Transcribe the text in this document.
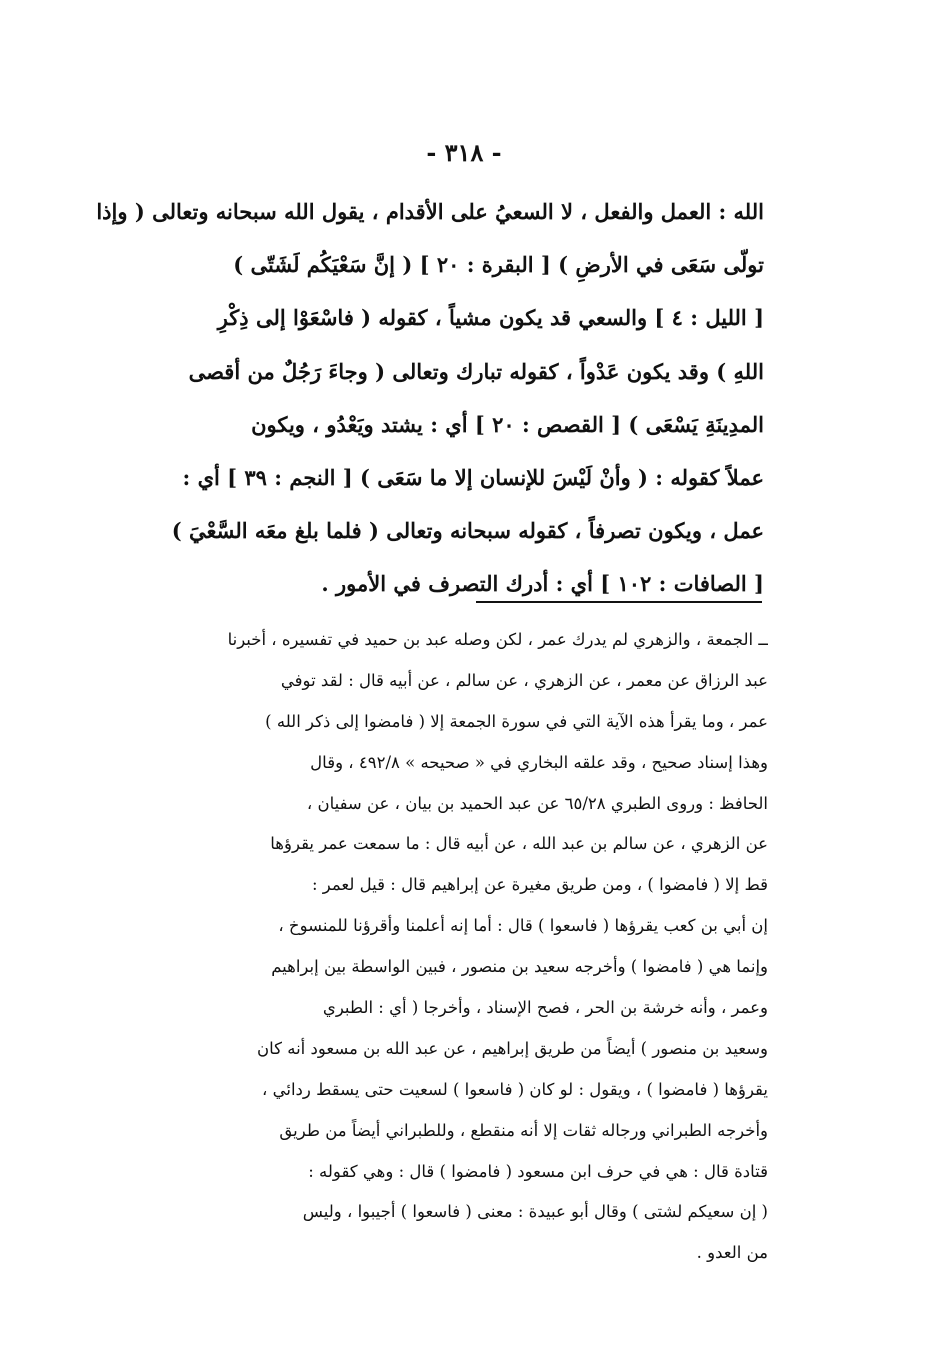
- ٣١٨ -
الله : العمل والفعل ، لا السعيُ على الأقدام ، يقول الله سبحانه وتعالى ( وإذا
تولّى سَعَى في الأرضِ ) [ البقرة : ٢٠ ] ( إنَّ سَعْيَكُم لَشَتّى )
[ الليل : ٤ ] والسعي قد يكون مشياً ، كقوله ( فاسْعَوْا إلى ذِكْرِ
اللهِ ) وقد يكون عَدْواً ، كقوله تبارك وتعالى ( وجاءَ رَجُلٌ من أقصى
المدِينَةِ يَسْعَى ) [ القصص : ٢٠ ] أي : يشتد ويَعْدُو ، ويكون
عملاً كقوله : ( وأنْ لَيْسَ للإنسان إلا ما سَعَى ) [ النجم : ٣٩ ] أي :
عمل ، ويكون تصرفاً ، كقوله سبحانه وتعالى ( فلما بلغ معَه السَّعْيَ )
[ الصافات : ١٠٢ ] أي : أدرك التصرف في الأمور .
ــ الجمعة ، والزهري لم يدرك عمر ، لكن وصله عبد بن حميد في تفسيره ، أخبرنا
عبد الرزاق عن معمر ، عن الزهري ، عن سالم ، عن أبيه قال : لقد توفي
عمر ، وما يقرأ هذه الآية التي في سورة الجمعة إلا ( فامضوا إلى ذكر الله )
وهذا إسناد صحيح ، وقد علقه البخاري في « صحيحه » ٤٩٢/٨ ، وقال
الحافظ : وروى الطبري ٦٥/٢٨ عن عبد الحميد بن بيان ، عن سفيان ،
عن الزهري ، عن سالم بن عبد الله ، عن أبيه قال : ما سمعت عمر يقرؤها
قط إلا ( فامضوا ) ، ومن طريق مغيرة عن إبراهيم قال : قيل لعمر :
إن أبي بن كعب يقرؤها ( فاسعوا ) قال : أما إنه أعلمنا وأقرؤنا للمنسوخ ،
وإنما هي ( فامضوا ) وأخرجه سعيد بن منصور ، فبين الواسطة بين إبراهيم
وعمر ، وأنه خرشة بن الحر ، فصح الإسناد ، وأخرجا ( أي : الطبري
وسعيد بن منصور ) أيضاً من طريق إبراهيم ، عن عبد الله بن مسعود أنه كان
يقرؤها ( فامضوا ) ، ويقول : لو كان ( فاسعوا ) لسعيت حتى يسقط ردائي ،
وأخرجه الطبراني ورجاله ثقات إلا أنه منقطع ، وللطبراني أيضاً من طريق
قتادة قال : هي في حرف ابن مسعود ( فامضوا ) قال : وهي كقوله :
( إن سعيكم لشتى ) وقال أبو عبيدة : معنى ( فاسعوا ) أجيبوا ، وليس
من العدو .
